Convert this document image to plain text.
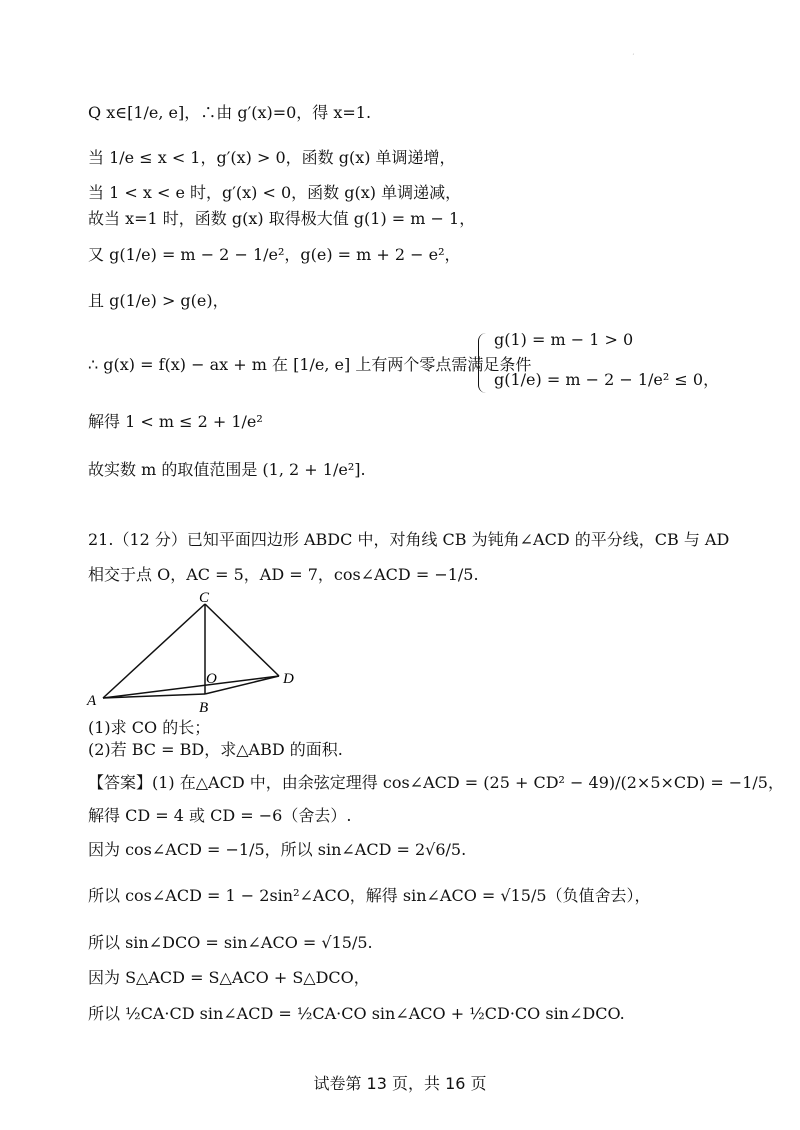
¸
Q x∈[1/e, e]，∴由 g′(x)=0，得 x=1.
当 1/e ≤ x < 1，g′(x) > 0，函数 g(x) 单调递增，
当 1 < x < e 时，g′(x) < 0，函数 g(x) 单调递减，
故当 x=1 时，函数 g(x) 取得极大值 g(1) = m − 1，
又 g(1/e) = m − 2 − 1/e²，g(e) = m + 2 − e²，
且 g(1/e) > g(e)，
∴ g(x) = f(x) − ax + m 在 [1/e, e] 上有两个零点需满足条件
g(1) = m − 1 > 0
g(1/e) = m − 2 − 1/e² ≤ 0，
解得 1 < m ≤ 2 + 1/e²
故实数 m 的取值范围是 (1, 2 + 1/e²].
21.（12 分）已知平面四边形 ABDC 中，对角线 CB 为钝角∠ACD 的平分线，CB 与 AD
相交于点 O，AC = 5，AD = 7，cos∠ACD = −1/5.
C
A
O	D
B
(1)求 CO 的长；
(2)若 BC = BD，求△ABD 的面积.
【答案】(1) 在△ACD 中，由余弦定理得 cos∠ACD = (25 + CD² − 49)/(2×5×CD) = −1/5，
解得 CD = 4 或 CD = −6（舍去）.
因为 cos∠ACD = −1/5，所以 sin∠ACD = 2√6/5.
所以 cos∠ACD = 1 − 2sin²∠ACO，解得 sin∠ACO = √15/5（负值舍去），
所以 sin∠DCO = sin∠ACO = √15/5.
因为 S△ACD = S△ACO + S△DCO，
所以 ½CA·CD sin∠ACD = ½CA·CO sin∠ACO + ½CD·CO sin∠DCO.
试卷第 13 页，共 16 页
